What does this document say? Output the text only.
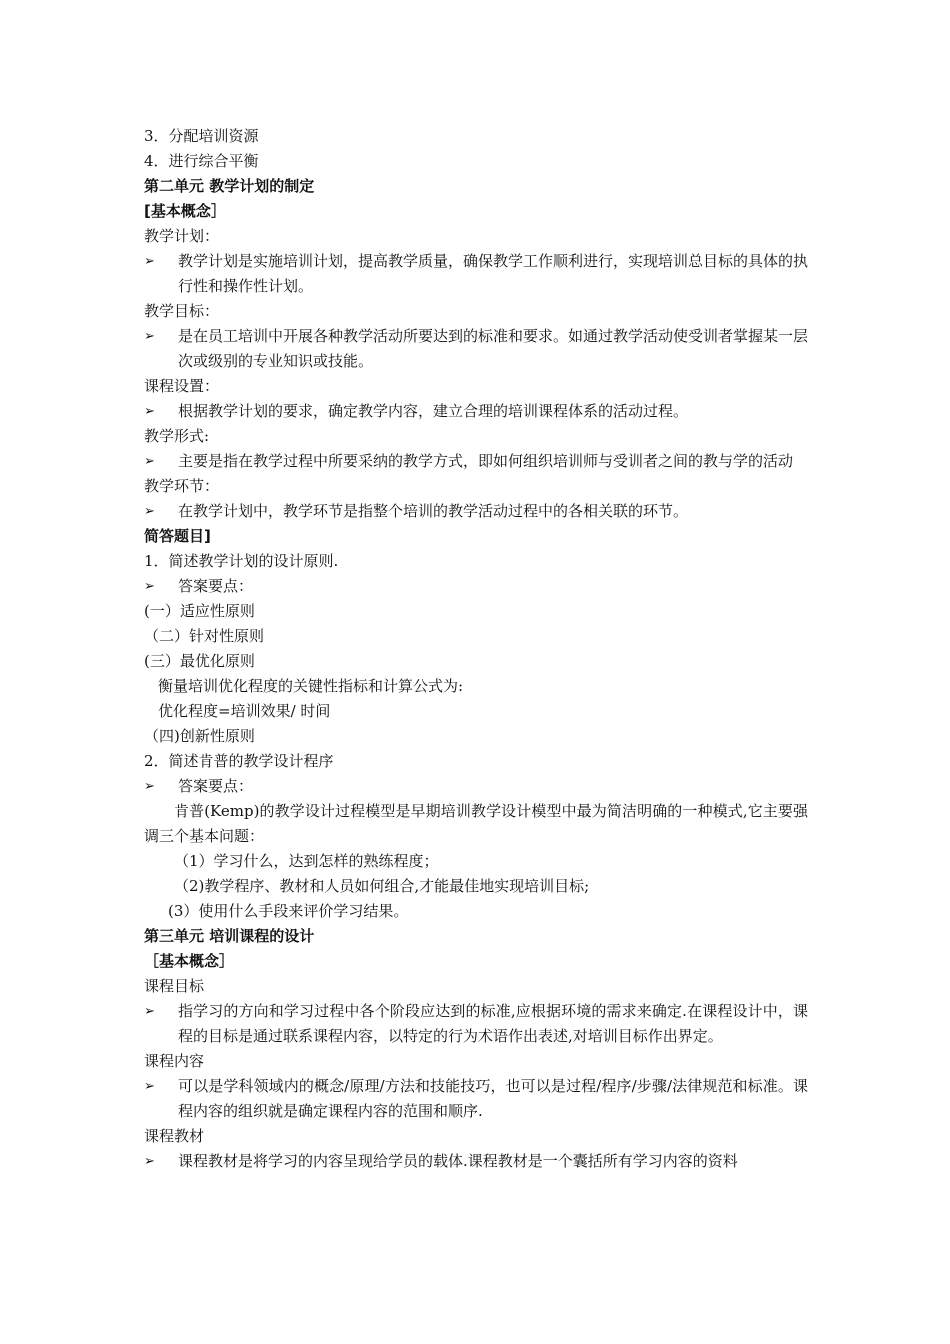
3．分配培训资源
4．进行综合平衡
第二单元 教学计划的制定
[基本概念］
教学计划：
➢	教学计划是实施培训计划，提高教学质量，确保教学工作顺利进行，实现培训总目标的具体的执行性和操作性计划。
教学目标：
➢	是在员工培训中开展各种教学活动所要达到的标准和要求。如通过教学活动使受训者掌握某一层次或级别的专业知识或技能。
课程设置：
➢	根据教学计划的要求，确定教学内容，建立合理的培训课程体系的活动过程。
教学形式:
➢	主要是指在教学过程中所要采纳的教学方式，即如何组织培训师与受训者之间的教与学的活动
教学环节：
➢	在教学计划中，教学环节是指整个培训的教学活动过程中的各相关联的环节。
简答题目]
1．简述教学计划的设计原则.
➢	答案要点：
(一）适应性原则
（二）针对性原则
(三）最优化原则
衡量培训优化程度的关键性指标和计算公式为:
优化程度=培训效果/ 时间
（四)创新性原则
2．简述肯普的教学设计程序
➢	答案要点：
肯普(Kemp)的教学设计过程模型是早期培训教学设计模型中最为简洁明确的一种模式,它主要强调三个基本问题：
（1）学习什么，达到怎样的熟练程度；
（2)教学程序、教材和人员如何组合,才能最佳地实现培训目标;
(3）使用什么手段来评价学习结果。
第三单元 培训课程的设计
［基本概念］
课程目标
➢	指学习的方向和学习过程中各个阶段应达到的标准,应根据环境的需求来确定.在课程设计中，课程的目标是通过联系课程内容，以特定的行为术语作出表述,对培训目标作出界定。
课程内容
➢	可以是学科领域内的概念/原理/方法和技能技巧，也可以是过程/程序/步骤/法律规范和标准。课程内容的组织就是确定课程内容的范围和顺序.
课程教材
➢	课程教材是将学习的内容呈现给学员的载体.课程教材是一个囊括所有学习内容的资料
